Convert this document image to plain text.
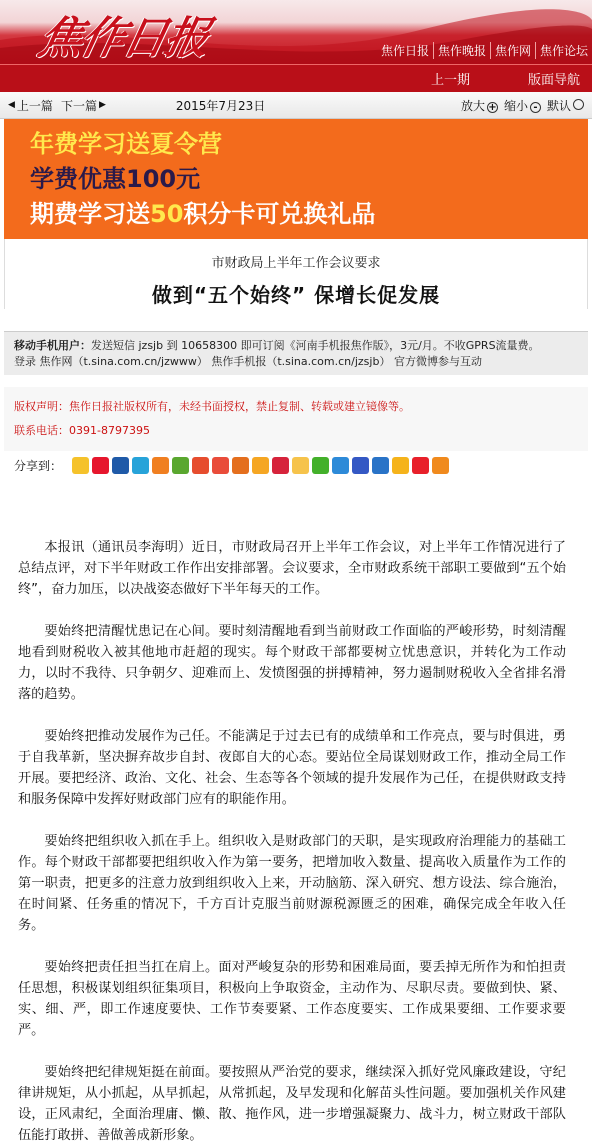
焦作日报	焦作日报 焦作晚报 焦作网 焦作论坛
上一期	版面导航
◀ 上一篇 下一篇 ▶	2015年7月23日	放大 + 缩小 - 默认
年费学习送夏令营
学费优惠100元
期费学习送50积分卡可兑换礼品
市财政局上半年工作会议要求
做到“五个始终” 保增长促发展
移动手机用户：发送短信 jzsjb 到 10658300 即可订阅《河南手机报焦作版》，3元/月。不收GPRS流量费。
登录 焦作网（t.sina.com.cn/jzwww） 焦作手机报（t.sina.com.cn/jzsjb） 官方微博参与互动
版权声明：焦作日报社版权所有，未经书面授权，禁止复制、转载或建立镜像等。
联系电话：0391-8797395
分享到：

本报讯（通讯员李海明）近日，市财政局召开上半年工作会议，对上半年工作情况进行了总结点评，对下半年财政工作作出安排部署。会议要求，全市财政系统干部职工要做到“五个始终”，奋力加压，以决战姿态做好下半年每天的工作。

要始终把清醒忧患记在心间。要时刻清醒地看到当前财政工作面临的严峻形势，时刻清醒地看到财税收入被其他地市赶超的现实。每个财政干部都要树立忧患意识，并转化为工作动力，以时不我待、只争朝夕、迎难而上、发愤图强的拼搏精神，努力遏制财税收入全省排名滑落的趋势。

要始终把推动发展作为己任。不能满足于过去已有的成绩单和工作亮点，要与时俱进，勇于自我革新，坚决摒弃故步自封、夜郎自大的心态。要站位全局谋划财政工作，推动全局工作开展。要把经济、政治、文化、社会、生态等各个领域的提升发展作为己任，在提供财政支持和服务保障中发挥好财政部门应有的职能作用。

要始终把组织收入抓在手上。组织收入是财政部门的天职，是实现政府治理能力的基础工作。每个财政干部都要把组织收入作为第一要务，把增加收入数量、提高收入质量作为工作的第一职责，把更多的注意力放到组织收入上来，开动脑筋、深入研究、想方设法、综合施治，在时间紧、任务重的情况下，千方百计克服当前财源税源匮乏的困难，确保完成全年收入任务。

要始终把责任担当扛在肩上。面对严峻复杂的形势和困难局面，要丢掉无所作为和怕担责任思想，积极谋划组织征集项目，积极向上争取资金，主动作为、尽职尽责。要做到快、紧、实、细、严，即工作速度要快、工作节奏要紧、工作态度要实、工作成果要细、工作要求要严。

要始终把纪律规矩挺在前面。要按照从严治党的要求，继续深入抓好党风廉政建设，守纪律讲规矩，从小抓起，从早抓起，从常抓起，及早发现和化解苗头性问题。要加强机关作风建设，正风肃纪，全面治理庸、懒、散、拖作风，进一步增强凝聚力、战斗力，树立财政干部队伍能打敢拼、善做善成新形象。
